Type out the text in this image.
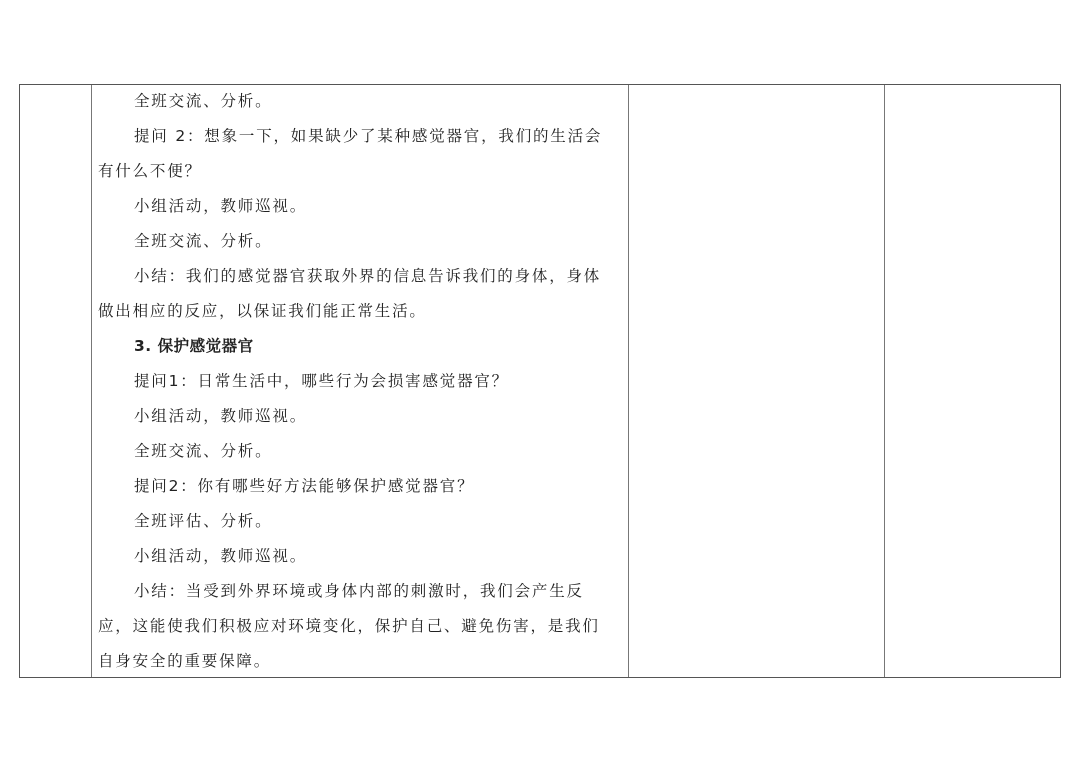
全班交流、分析。
提问 2：想象一下，如果缺少了某种感觉器官，我们的生活会
有什么不便？
小组活动，教师巡视。
全班交流、分析。
小结：我们的感觉器官获取外界的信息告诉我们的身体，身体
做出相应的反应，以保证我们能正常生活。
3. 保护感觉器官
提问1：日常生活中，哪些行为会损害感觉器官？
小组活动，教师巡视。
全班交流、分析。
提问2：你有哪些好方法能够保护感觉器官？
全班评估、分析。
小组活动，教师巡视。
小结：当受到外界环境或身体内部的刺激时，我们会产生反
应，这能使我们积极应对环境变化，保护自己、避免伤害，是我们
自身安全的重要保障。
